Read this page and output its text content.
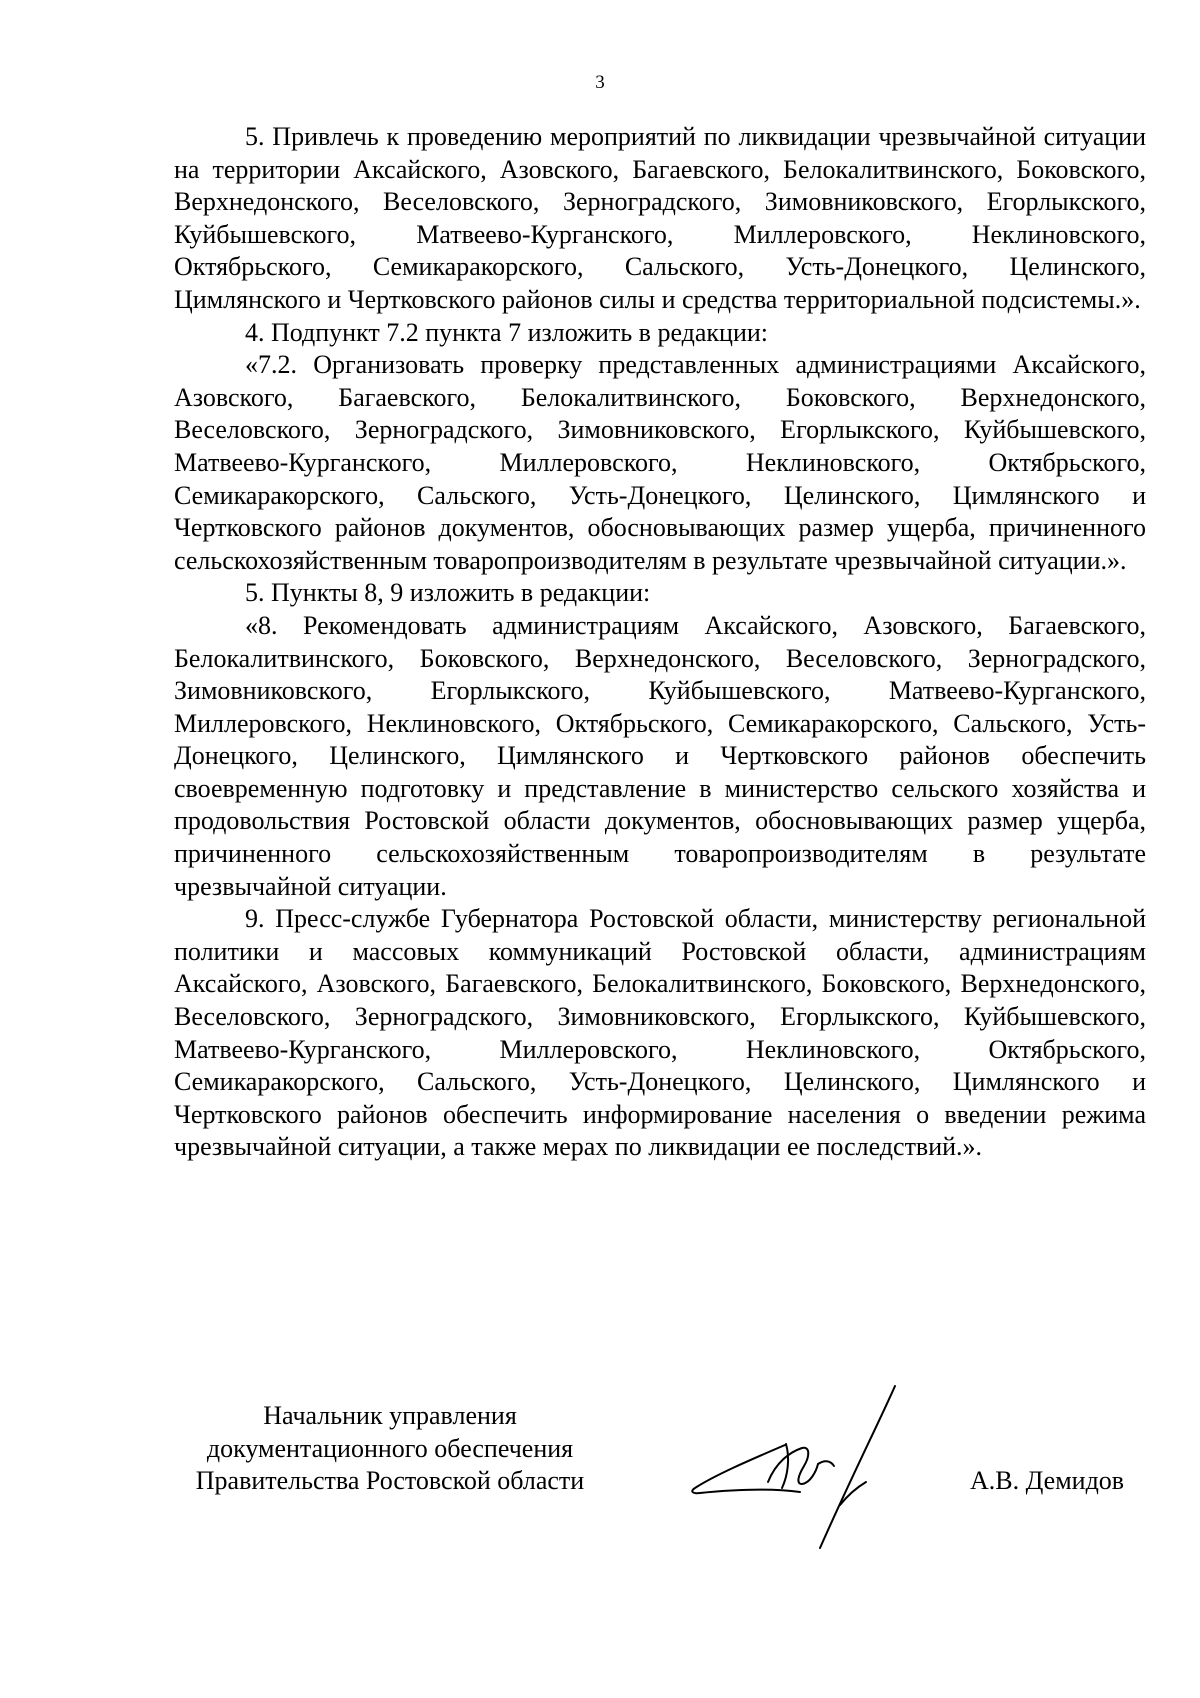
3

5. Привлечь к проведению мероприятий по ликвидации чрезвычайной ситуации на территории Аксайского, Азовского, Багаевского, Белокалитвинского, Боковского, Верхнедонского, Веселовского, Зерноградского, Зимовниковского, Егорлыкского, Куйбышевского, Матвеево-Курганского, Миллеровского, Неклиновского, Октябрьского, Семикаракорского, Сальского, Усть-Донецкого, Целинского, Цимлянского и Чертковского районов силы и средства территориальной подсистемы.».

4. Подпункт 7.2 пункта 7 изложить в редакции:

«7.2. Организовать проверку представленных администрациями Аксайского, Азовского, Багаевского, Белокалитвинского, Боковского, Верхнедонского, Веселовского, Зерноградского, Зимовниковского, Егорлыкского, Куйбышевского, Матвеево-Курганского, Миллеровского, Неклиновского, Октябрьского, Семикаракорского, Сальского, Усть-Донецкого, Целинского, Цимлянского и Чертковского районов документов, обосновывающих размер ущерба, причиненного сельскохозяйственным товаропроизводителям в результате чрезвычайной ситуации.».

5. Пункты 8, 9 изложить в редакции:

«8. Рекомендовать администрациям Аксайского, Азовского, Багаевского, Белокалитвинского, Боковского, Верхнедонского, Веселовского, Зерноградского, Зимовниковского, Егорлыкского, Куйбышевского, Матвеево-Курганского, Миллеровского, Неклиновского, Октябрьского, Семикаракорского, Сальского, Усть-Донецкого, Целинского, Цимлянского и Чертковского районов обеспечить своевременную подготовку и представление в министерство сельского хозяйства и продовольствия Ростовской области документов, обосновывающих размер ущерба, причиненного сельскохозяйственным товаропроизводителям в результате чрезвычайной ситуации.

9. Пресс-службе Губернатора Ростовской области, министерству региональной политики и массовых коммуникаций Ростовской области, администрациям Аксайского, Азовского, Багаевского, Белокалитвинского, Боковского, Верхнедонского, Веселовского, Зерноградского, Зимовниковского, Егорлыкского, Куйбышевского, Матвеево-Курганского, Миллеровского, Неклиновского, Октябрьского, Семикаракорского, Сальского, Усть-Донецкого, Целинского, Цимлянского и Чертковского районов обеспечить информирование населения о введении режима чрезвычайной ситуации, а также мерах по ликвидации ее последствий.».

Начальник управления
документационного обеспечения
Правительства Ростовской области	А.В. Демидов
